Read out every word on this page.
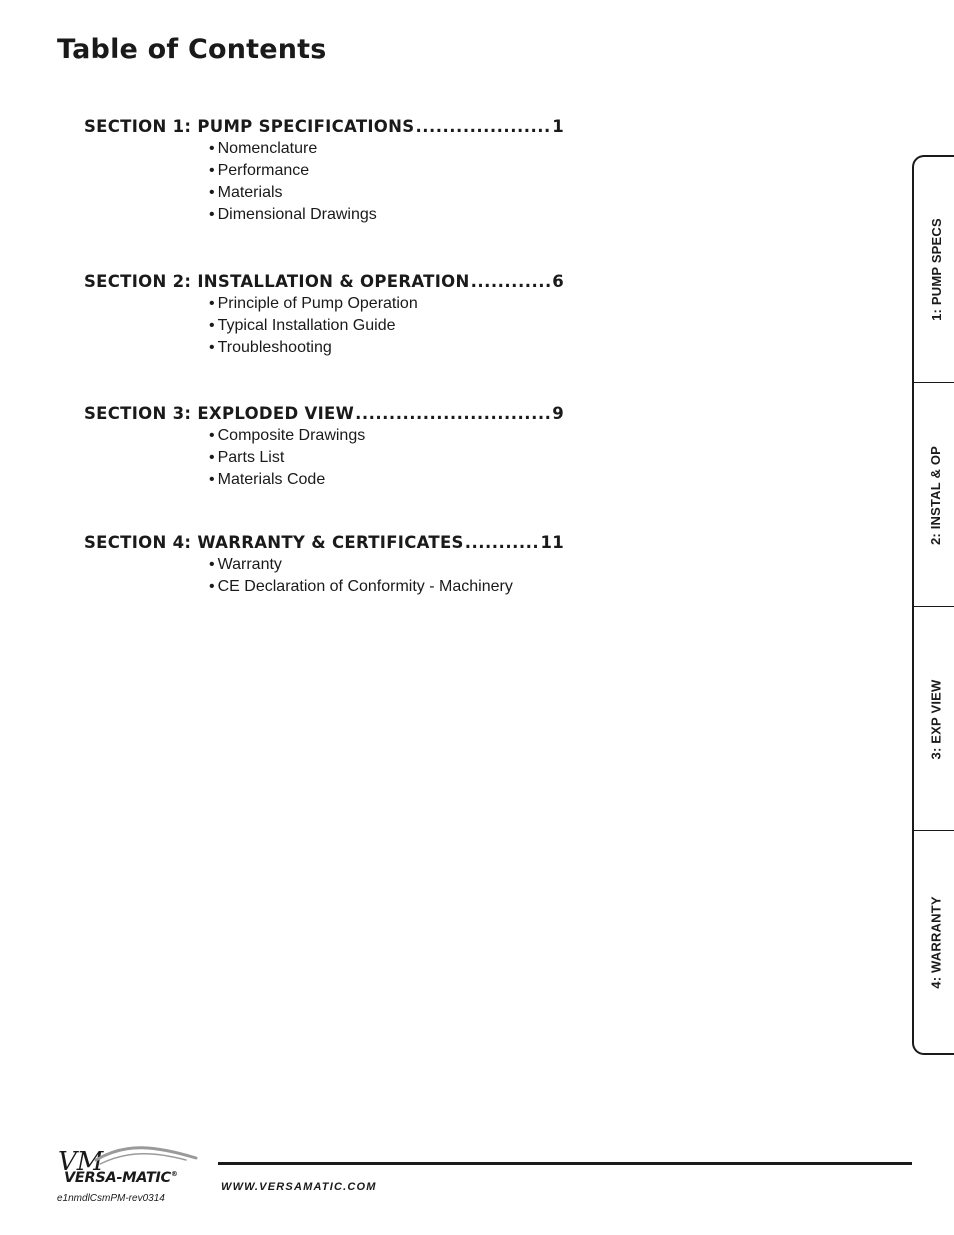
Table of Contents
SECTION 1: PUMP SPECIFICATIONS .....	1
• Nomenclature
• Performance
• Materials
• Dimensional Drawings
SECTION 2: INSTALLATION & OPERATION .....	6
• Principle of Pump Operation
• Typical Installation Guide
• Troubleshooting
SECTION 3: EXPLODED VIEW .....	9
• Composite Drawings
• Parts List
• Materials Code
SECTION 4: WARRANTY & CERTIFICATES .....	11
• Warranty
• CE Declaration of Conformity - Machinery
1: PUMP SPECS
2: INSTAL & OP
3: EXP VIEW
4: WARRANTY
VM
VERSA-MATIC®
WWW.VERSAMATIC.COM
e1nmdlCsmPM-rev0314
